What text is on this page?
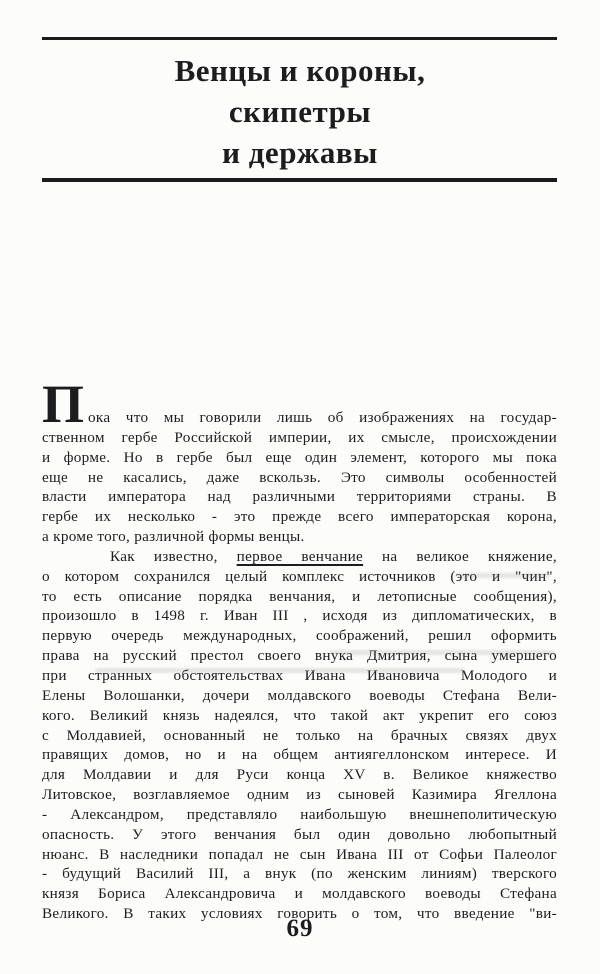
Венцы и короны,
скипетры
и державы
Пока что мы говорили лишь об изображениях на государ-
ственном гербе Российской империи, их смысле, происхождении
и форме. Но в гербе был еще один элемент, которого мы пока
еще не касались, даже вскользь. Это символы особенностей
власти императора над различными территориями страны. В
гербе их несколько - это прежде всего императорская корона,
а кроме того, различной формы венцы.
Как известно, первое венчание на великое княжение,
о котором сохранился целый комплекс источников (это и "чин",
то есть описание порядка венчания, и летописные сообщения),
произошло в 1498 г. Иван III , исходя из дипломатических, в
первую очередь международных, соображений, решил оформить
права на русский престол своего внука Дмитрия, сына умершего
при странных обстоятельствах Ивана Ивановича Молодого и
Елены Волошанки, дочери молдавского воеводы Стефана Вели-
кого. Великий князь надеялся, что такой акт укрепит его союз
с Молдавией, основанный не только на брачных связях двух
правящих домов, но и на общем антиягеллонском интересе. И
для Молдавии и для Руси конца XV в. Великое княжество
Литовское, возглавляемое одним из сыновей Казимира Ягеллона
- Александром, представляло наибольшую внешнеполитическую
опасность. У этого венчания был один довольно любопытный
нюанс. В наследники попадал не сын Ивана III от Софьи Палеолог
- будущий Василий III, а внук (по женским линиям) тверского
князя Бориса Александровича и молдавского воеводы Стефана
Великого. В таких условиях говорить о том, что введение "ви-
69
